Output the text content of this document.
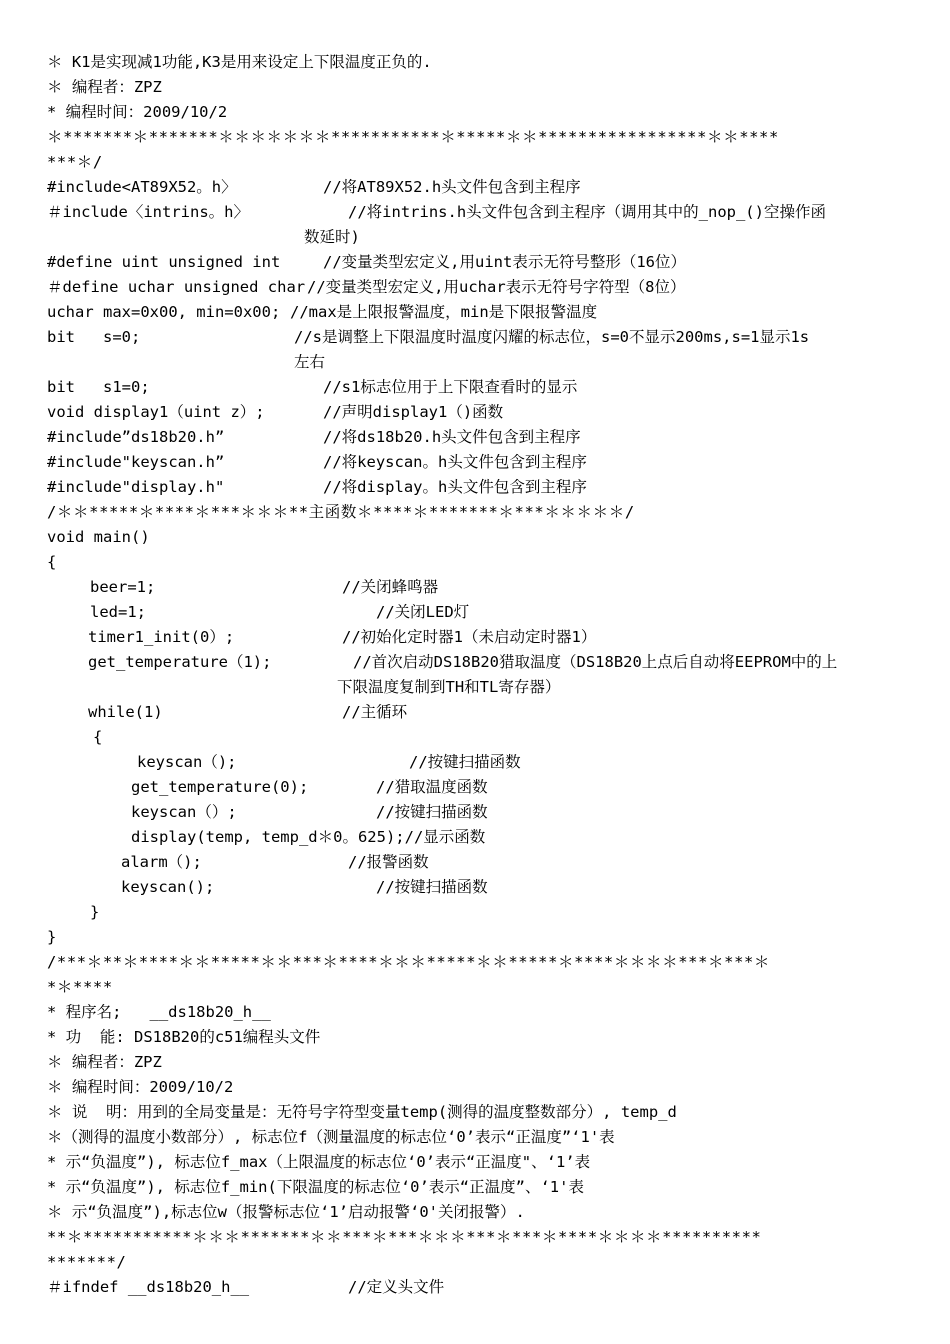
＊ K1是实现减1功能,K3是用来设定上下限温度正负的.
＊ 编程者：ZPZ
* 编程时间：2009/10/2
＊*******＊*******＊＊＊＊＊＊＊***********＊*****＊＊*****************＊＊****
***＊/
#include<AT89X52。h〉	//将AT89X52.h头文件包含到主程序
＃include〈intrins。h〉	//将intrins.h头文件包含到主程序（调用其中的_nop_()空操作函
数延时)
#define uint unsigned int	//变量类型宏定义,用uint表示无符号整形（16位）
＃define uchar unsigned char //变量类型宏定义,用uchar表示无符号字符型（8位）
uchar max=0x00, min=0x00; //max是上限报警温度，min是下限报警温度
bit   s=0;	//s是调整上下限温度时温度闪耀的标志位，s=0不显示200ms,s=1显示1s
左右
bit   s1=0;	//s1标志位用于上下限查看时的显示
void display1（uint z）;	//声明display1（)函数
#include”ds18b20.h”	//将ds18b20.h头文件包含到主程序
#include"keyscan.h”	//将keyscan。h头文件包含到主程序
#include"display.h"	//将display。h头文件包含到主程序
/＊＊*****＊****＊***＊＊＊**主函数＊****＊*******＊***＊＊＊＊＊/
void main()
{
beer=1;	//关闭蜂鸣器
led=1;	//关闭LED灯
timer1_init(0）;	//初始化定时器1（未启动定时器1）
get_temperature（1);	//首次启动DS18B20猎取温度（DS18B20上点后自动将EEPROM中的上
下限温度复制到TH和TL寄存器）
while(1)	//主循环
{
keyscan（);	//按键扫描函数
get_temperature(0);	//猎取温度函数
keyscan（）;	//按键扫描函数
display(temp, temp_d＊0。625);//显示函数
alarm（);	//报警函数
keyscan();	//按键扫描函数
}
}
/***＊**＊****＊＊*****＊＊***＊****＊＊＊*****＊＊*****＊****＊＊＊＊***＊***＊
*＊****
* 程序名;   __ds18b20_h__
* 功  能: DS18B20的c51编程头文件
＊ 编程者：ZPZ
＊ 编程时间：2009/10/2
＊ 说  明：用到的全局变量是：无符号字符型变量temp(测得的温度整数部分）, temp_d
＊（测得的温度小数部分）, 标志位f（测量温度的标志位‘0’表示“正温度”‘1'表
* 示“负温度”), 标志位f_max（上限温度的标志位‘0’表示“正温度"、‘1’表
* 示“负温度”), 标志位f_min(下限温度的标志位‘0’表示“正温度”、‘1'表
＊ 示“负温度”),标志位w（报警标志位‘1’启动报警‘0'关闭报警）.
**＊***********＊＊＊*******＊＊***＊***＊＊＊***＊***＊****＊＊＊＊**********
*******/
＃ifndef __ds18b20_h__	//定义头文件
